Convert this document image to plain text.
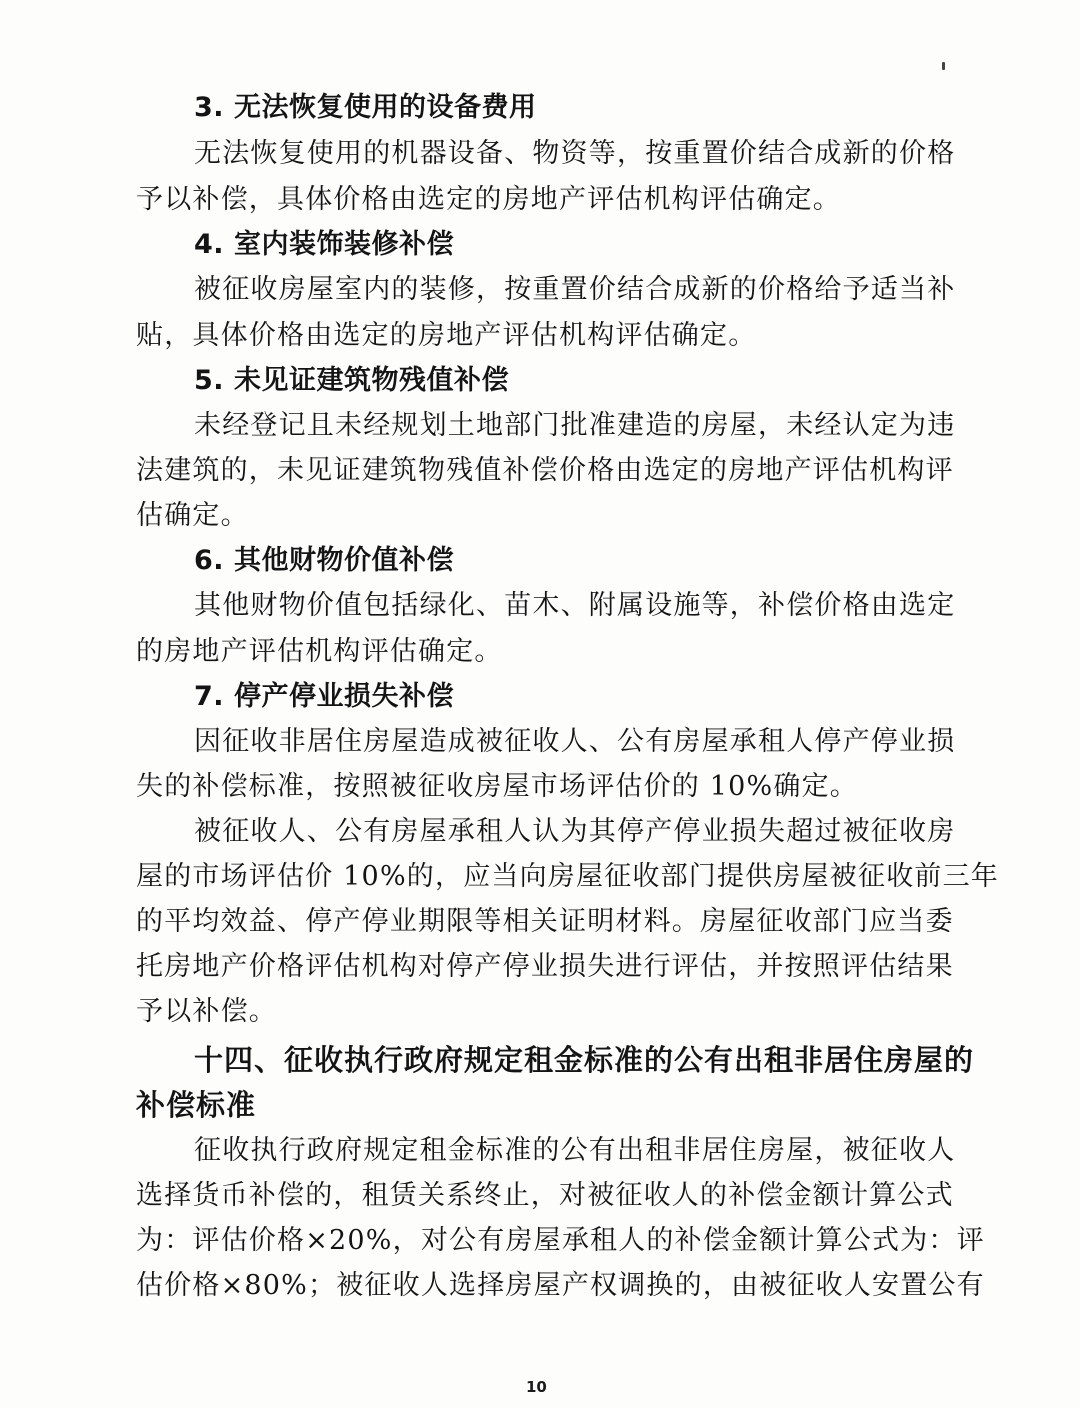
3. 无法恢复使用的设备费用
无法恢复使用的机器设备、物资等，按重置价结合成新的价格
予以补偿，具体价格由选定的房地产评估机构评估确定。
4. 室内装饰装修补偿
被征收房屋室内的装修，按重置价结合成新的价格给予适当补
贴，具体价格由选定的房地产评估机构评估确定。
5. 未见证建筑物残值补偿
未经登记且未经规划土地部门批准建造的房屋，未经认定为违
法建筑的，未见证建筑物残值补偿价格由选定的房地产评估机构评
估确定。
6. 其他财物价值补偿
其他财物价值包括绿化、苗木、附属设施等，补偿价格由选定
的房地产评估机构评估确定。
7. 停产停业损失补偿
因征收非居住房屋造成被征收人、公有房屋承租人停产停业损
失的补偿标准，按照被征收房屋市场评估价的 10%确定。
被征收人、公有房屋承租人认为其停产停业损失超过被征收房
屋的市场评估价 10%的，应当向房屋征收部门提供房屋被征收前三年
的平均效益、停产停业期限等相关证明材料。房屋征收部门应当委
托房地产价格评估机构对停产停业损失进行评估，并按照评估结果
予以补偿。
十四、征收执行政府规定租金标准的公有出租非居住房屋的
补偿标准
征收执行政府规定租金标准的公有出租非居住房屋，被征收人
选择货币补偿的，租赁关系终止，对被征收人的补偿金额计算公式
为：评估价格×20%，对公有房屋承租人的补偿金额计算公式为：评
估价格×80%；被征收人选择房屋产权调换的，由被征收人安置公有
10
